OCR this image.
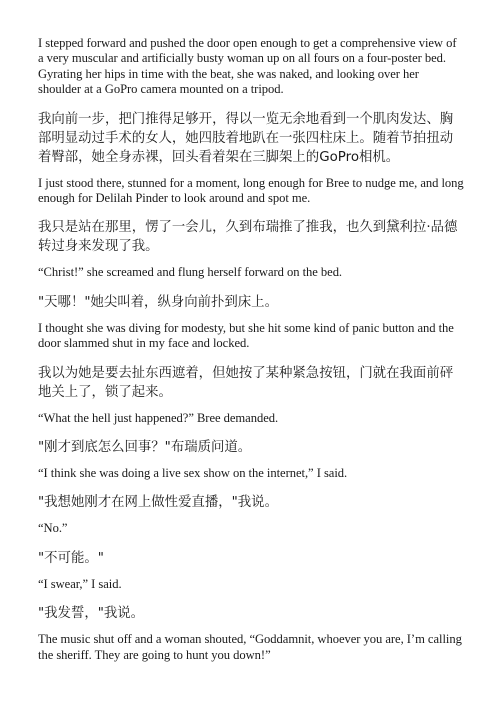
I stepped forward and pushed the door open enough to get a comprehensive view of a very muscular and artificially busty woman up on all fours on a four-poster bed. Gyrating her hips in time with the beat, she was naked, and looking over her shoulder at a GoPro camera mounted on a tripod.

我向前一步，把门推得足够开，得以一览无余地看到一个肌肉发达、胸部明显动过手术的女人，她四肢着地趴在一张四柱床上。随着节拍扭动着臀部，她全身赤裸，回头看着架在三脚架上的GoPro相机。

I just stood there, stunned for a moment, long enough for Bree to nudge me, and long enough for Delilah Pinder to look around and spot me.

我只是站在那里，愣了一会儿，久到布瑞推了推我，也久到黛利拉·品德转过身来发现了我。

“Christ!” she screamed and flung herself forward on the bed.

"天哪！"她尖叫着，纵身向前扑到床上。

I thought she was diving for modesty, but she hit some kind of panic button and the door slammed shut in my face and locked.

我以为她是要去扯东西遮着，但她按了某种紧急按钮，门就在我面前砰地关上了，锁了起来。

“What the hell just happened?” Bree demanded.

"刚才到底怎么回事？"布瑞质问道。

“I think she was doing a live sex show on the internet,” I said.

"我想她刚才在网上做性爱直播，"我说。

“No.”

"不可能。"

“I swear,” I said.

"我发誓，"我说。

The music shut off and a woman shouted, “Goddamnit, whoever you are, I’m calling the sheriff. They are going to hunt you down!”
